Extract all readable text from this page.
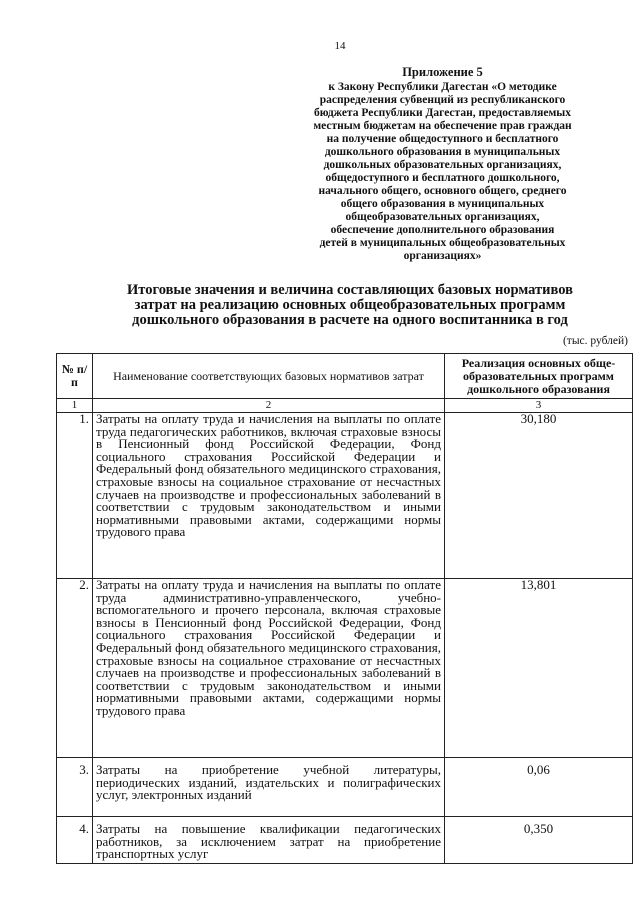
14
Приложение 5
к Закону Республики Дагестан «О методике
распределения субвенций из республиканского
бюджета Республики Дагестан, предоставляемых
местным бюджетам на обеспечение прав граждан
на получение общедоступного и бесплатного
дошкольного образования в муниципальных
дошкольных образовательных организациях,
общедоступного и бесплатного дошкольного,
начального общего, основного общего, среднего
общего образования в муниципальных
общеобразовательных организациях,
обеспечение дополнительного образования
детей в муниципальных общеобразовательных
организациях»
Итоговые значения и величина составляющих базовых нормативов
затрат на реализацию основных общеобразовательных программ
дошкольного образования в расчете на одного воспитанника в год
(тыс. рублей)
№ п/п	Наименование соответствующих базовых нормативов затрат	Реализация основных общеобразовательных программ дошкольного образования
1	2	3
1.	Затраты на оплату труда и начисления на выплаты по оплате труда педагогических работников, включая страховые взносы в Пенсионный фонд Российской Федерации, Фонд социального страхования Российской Федерации и Федеральный фонд обязательного медицинского страхования, страховые взносы на социальное страхование от несчастных случаев на производстве и профессиональных заболеваний в соответствии с трудовым законодательством и иными нормативными правовыми актами, содержащими нормы трудового права	30,180
2.	Затраты на оплату труда и начисления на выплаты по оплате труда административно-управленческого, учебно-вспомогательного и прочего персонала, включая страховые взносы в Пенсионный фонд Российской Федерации, Фонд социального страхования Российской Федерации и Федеральный фонд обязательного медицинского страхования, страховые взносы на социальное страхование от несчастных случаев на производстве и профессиональных заболеваний в соответствии с трудовым законодательством и иными нормативными правовыми актами, содержащими нормы трудового права	13,801
3.	Затраты на приобретение учебной литературы, периодических изданий, издательских и полиграфических услуг, электронных изданий	0,06
4.	Затраты на повышение квалификации педагогических работников, за исключением затрат на приобретение транспортных услуг	0,350
